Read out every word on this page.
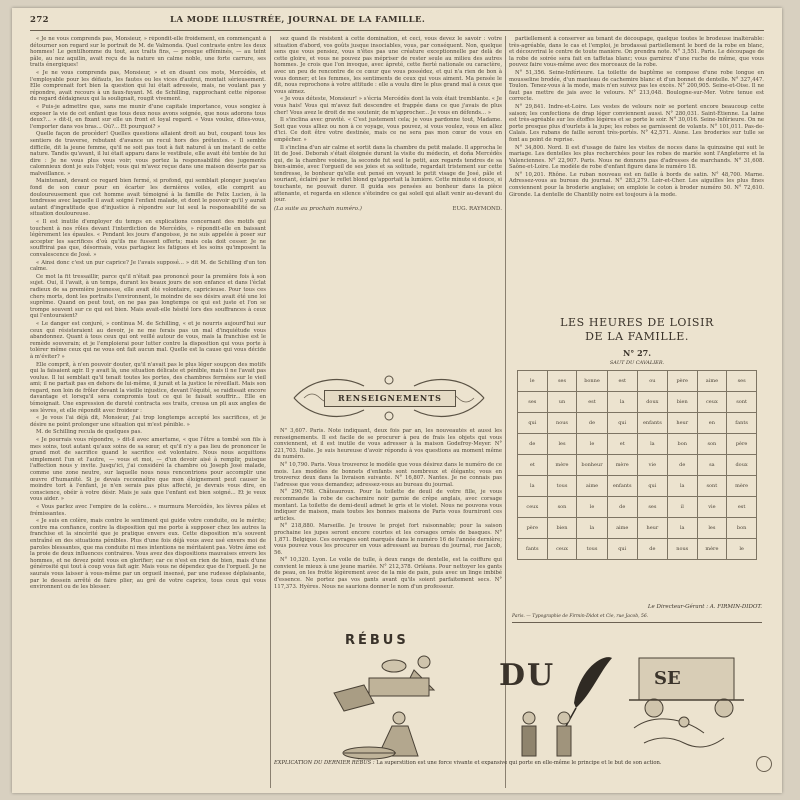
272	LA MODE ILLUSTRÉE, JOURNAL DE LA FAMILLE.

« Je ne vous comprends pas, Monsieur, » répondit-elle froidement, en commençant à détourner son regard sur le portrait de M. de Valmonda. Quel contraste entre les deux hommes! Le gentilhomme du tout, aux traits fins, — presque efféminés, — au teint pâle, au nez aquilin, avait reçu de la nature un calme noble, une forte carrure, ses traits énergiques!

« Je ne vous comprends pas, Monsieur, » et en disant ces mots, Mercédès, et l'employable pour les défauts, les fautes ou les vices d'autrui, montait sérieusement. Elle comprenait fort bien la question qui lui était adressée, mais, ne voulant pas y répondre, avait recours à un faux-fuyant. M. de Schilling, rapprochant cette réponse du regard dédaigneux qui la soulignait, rougit vivement.

« Puis-je admettre que, sans me munir d'une capitale importance, vous songiez à exposer la vie de cet enfant que tous deux nous avons soignée, que nous adorons tous deux?... » dit-il, en fixant sur elle un front et loyal regard. « Vous voulez, dites-vous, l'emporter dans vos bras... Où?... Et pourquoi? »

Quelle façon de procéder! Quelles questions allaient droit au but, coupant tous les sentiers de traverse, rebutant d'avance un recul hors des prétextes. « Il semble difficile, dit la jeune femme, qu'il ne soit pas tout à fait naturel à un instant de cette nature. Tandis qu'avant, il lui était apparu dans le vestibule, elle avait été tentée de lui dire : Je ne vous plus vous voir; vous portez la responsabilité des jugements calomnieux dont je suis l'objet; vous qui m'avez reçue dans une maison déserte par sa malveillance. »

Maintenant, devant ce regard bien fermé, si profond, qui semblait plonger jusqu'au fond de son cœur pour en écarter les dernières voiles, elle comprit au douloureusement que cet homme avait témoigné à la famille de Felix Lucien, à la tendresse avec laquelle il avait soigné l'enfant malade, et dont le pouvoir qu'il y aurait autant d'ingratitude que d'injustice à répondre sur lui seul la responsabilité de sa situation douloureuse.

« Il est inutile d'employer du temps en explications concernant des motifs qui touchent à nos rôles devant l'interdiction de Mercédès, » répondit-elle en baissant légèrement les épaules. « Pendant les jours d'angoisse, je ne suis appelée à poser sur accepter les sacrifices d'où qu'ils me fussent offerts; mais cela doit cesser. Je ne souffrirai pas que, désormais, vous partagiez les fatigues et les soins qu'imposent la convalescence de José. »

« Ainsi donc c'est un pur caprice? Je l'avais supposé... » dit M. de Schilling d'un ton calme.

Ce mot la fit tressaillir, parce qu'il n'était pas prononcé pour la première fois à son sujet. Oui, il l'avait, à un temps, durant les beaux jours de son enfance et dans l'éclat radieux de sa première jeunesse, elle avait été volontaire, capricieuse. Pour tous ces chers morts, dont les portraits l'environnent, le moindre de ses désirs avait été une loi suprême. Quand on peut tout, on ne pas pas longtemps ce qui est juste et l'on se trompe souvent sur ce qui est bien. Mais avait-elle hésité lors des souffrances à ceux qui l'entouraient?

« Le danger est conjuré, » continua M. de Schilling, « et je nourris aujourd'hui sur ceux qui résisteraient au devoir, je ne me ferais pas un mal d'inquiétude vous abandonnez. Quant à tous ceux qui ont veillé autour de vous, mais la franchise est le remède souverain; et je l'emploierai pour lutter contre la disposition qui vous porte à tolérer même ceux qui ne vous ont fait aucun mal. Quelle est la cause qui vous décide à m'éviter? »

Elle comprit, à n'en pouvoir douter, qu'il n'avait pas le plus léger soupçon des motifs qui la faisaient agir. Il y avait là, une situation délicate et pénible, mais il ne l'avait pas voulue. Il lui semblait qu'il tenait toutes les portes, des chambres fermées sur le vieil ami; il ne partait pas en dehors de lui-même, il jurait et la justice le réveillait. Mais son regard, non loin de frôler devant la vieille injustice, devant l'équité, se raidissait encore davantage et lorsqu'il sera compromis tout ce qui le faisait souffrir... Elle en témoignait. Une expression de dureté contracta ses traits, creusa un pli aux angles de ses lèvres, et elle répondit avec froideur :

« Je vous l'ai déjà dit, Monsieur, j'ai trop longtemps accepté les sacrifices, et je désire ne point prolonger une situation qui m'est pénible. »

M. de Schilling recula de quelques pas.

« Je pourrais vous répondre, » dit-il avec amertume, « que l'être a tombé son fils à mes soins, tout autant qu'aux soins de sa sœur, et qu'il n'y a pas lieu de prononcer le grand mot de sacrifice quand le sacrifice est volontaire. Nous nous acquittons simplement l'un et l'autre, — vous et moi, — d'un devoir aisé à remplir, puisque l'affection nous y invite. Jusqu'ici, j'ai considéré la chambre où Joseph José malade, comme une zone neutre, sur laquelle nous nous rencontrions pour accomplir une œuvre d'humanité. Si je devais reconnaître que mon éloignement peut causer le moindre tort à l'enfant, je n'en serais pas plus affecté, je devrais vous dire, en conscience, obéir à votre désir. Mais je sais que l'enfant est bien soigné... Et je veux vous aider. »

« Vous parlez avec l'empire de la colère... » murmura Mercédès, les lèvres pâles et frémissantes.

« Je suis en colère, mais contre le sentiment qui guide votre conduite, ou le mérite; contre ma confiance, contre la disposition qui me porte à supposer chez les autres la franchise et la sincérité que je pratique envers eux. Cette disposition m'a souvent entraîné en des situations pénibles. Plus d'une fois déjà vous avez usé envers moi de paroles blessantes, que ma conduite ni mes intentions ne méritaient pas. Votre âme est la proie de deux influences contraires. Vous avez des dispositions mauvaises envers les hommes, et ne devez point vous en glorifier; car ce n'est en rien de bien, mais d'une générosité qui tout à coup vous fait agir. Mais vous ne dépendez que de l'orgueil. Je ne saurais vous laisser à vous-même par un orgueil insensé, par une rudesse déplaisante, par le dessein arrêté de faire plier, au gré de votre caprice, tous ceux qui vous environnent ou de les blesser.

sez quand ils résistent à cette domination, et ceci, vous devez le savoir : votre situation d'abord, vos goûts jusque insociables, vous, par conséquent. Non, quelque sens que vous pensiez, vous n'êtes pas une créature exceptionnelle par delà de cette gloire, et vous ne pouvez pas mépriser de rester seule au milieu des autres hommes. Je crois que l'on invoque, avec âpreté, cette fierté nationale ou caractère, avec un peu de rencontre de ce cœur que vous possédez, et qui n'a rien de bon à vous donner; et les femmes, les sentiments de ceux qui vous aiment. Ma pensée le dit, nous reprochons à votre attitude : elle a voulu dire le plus grand mal à ceux que vous aimez.

« Je vous déteste, Monsieur! » s'écria Mercédès dont la voix était tremblante. « Je vous hais! Vous qui m'avez fait descendre et frappée dans ce que j'avais de plus cher! Vous avez le droit de me soutenir, de m'approcher... Je vous en défends... »

Il s'inclina avec gravité. « C'est justement cela; je vous pardonne tout, Madame. Soit que vous alliez ou non à ce voyage, vous pouvez, si vous voulez, vous en allez d'ici. Ce doit être votre destinée, mais ce ne sera pas mon cœur de vous en empêcher. »

Il s'inclina d'un air calme et sortit dans la chambre du petit malade. Il approcha le lit de José. Deborah s'était éloignée durant la visite du médecin, et doña Mercédès qui, de la chambre voisine, la seconde fut seul le petit, aux regards tendres de sa bien-aimée, avec l'orgueil de ses joies et sa solitude, regardait tristement sur cette tendresse, le bonheur qu'elle eut pensé en voyant le petit visage de José, pâle et souriant, éclairé par le reflet blond qu'apportait la lumière. Cette minute si douce, si touchante, ne pouvait durer. Il guida ses pensées au bonheur dans la pièce attenante, et regarda en silence s'éteindre ce gai soleil qui allait venir au-devant du jour.

(La suite au prochain numéro.)	EUG. RAYMOND.
RENSEIGNEMENTS

N° 3,607. Paris. Note indiquant, deux fois par an, les nouveautés et aussi les renseignements. Il est facile de se procurer à peu de frais les objets qui vous conviennent, et il est inutile de vous adresser à la maison Godefroy-Meyer. N° 221,703. Italie. Je suis heureuse d'avoir répondu à vos questions au moment même du numéro.

N° 10,790. Paris. Vous trouverez le modèle que vous désirez dans le numéro de ce mois. Les modèles de bonnets d'enfants sont nombreux et élégants; vous en trouverez deux dans la livraison suivante. N° 16,807. Nantes. Je ne connais pas l'adresse que vous demandez; adressez-vous au bureau du journal.

N° 290,768. Châteauroux. Pour la toilette de deuil de votre fille, je vous recommande la robe de cachemire noir garnie de crêpe anglais, avec corsage montant. La toilette de demi-deuil admet le gris et le violet. Nous ne pouvons vous indiquer de maison, mais toutes les bonnes maisons de Paris vous fourniront ces articles.

N° 218,880. Marseille. Je trouve le projet fort raisonnable; pour la saison prochaine les jupes seront encore courtes et les corsages ornés de basques. N° 1,871. Belgique. Ces ouvrages sont marqués dans le numéro 16 de l'année dernière; vous pouvez vous les procurer en vous adressant au bureau du journal, rue Jacob, 56.

N° 10,320. Lyon. Le voile de tulle, à deux rangs de dentelle, est la coiffure qui convient le mieux à une jeune mariée. N° 212,378. Orléans. Pour nettoyer les gants de peau, on les frotte légèrement avec de la mie de pain, puis avec un linge imbibé d'essence. Ne portez pas vos gants avant qu'ils soient parfaitement secs. N° 117,373. Hyères. Nous ne saurions donner le nom d'un professeur.

partiellement à conserver au tenant de découpage, quelque toutes le brodeuse inaltérable: très-agréable, dans le cas et l'emploi, je brodassai partiellement le bord de la robe en blanc, et découvrirai le centre de toute manière. On prendra note. N° 3,551. Paris. Le découpage de la robe de soirée sera fait en taffetas blanc; vous garnirez d'une ruche de même, que vous pouvez faire vous-même avec des morceaux de la robe.

N° 51,356. Seine-Inférieure. La toilette de baptême se compose d'une robe longue en mousseline brodée, d'un manteau de cachemire blanc et d'un bonnet de dentelle. N° 327,447. Toulon. Tenez-vous à la mode, mais n'en suivez pas les excès. N° 200,905. Seine-et-Oise. Il ne faut pas mettre de jais avec le velours. N° 213,048. Boulogne-sur-Mer. Votre tenue est correcte.

N° 29,841. Indre-et-Loire. Les vestes de velours noir se portent encore beaucoup cette saison; les confections de drap léger conviennent aussi. N° 280,031. Saint-Étienne. La laine est très-agréable sur les étoffes légères et se porte le soir. N° 30,016. Seine-Inférieure. On ne porte presque plus d'ourlets à la jupe; les robes se garnissent de volants. N° 101,011. Pas-de-Calais. Les rubans de faille seront très-portés. N° 42,571. Aisne. Les broderies sur tulle se font au point de reprise.

N° 34,800. Nord. Il est d'usage de faire les visites de noces dans la quinzaine qui suit le mariage. Les dentelles les plus recherchées pour les robes de mariée sont l'Angleterre et la Valenciennes. N° 22,907. Paris. Nous ne donnons pas d'adresses de marchands. N° 31,608. Saône-et-Loire. Le modèle de robe d'enfant figure dans le numéro 18.

N° 10,201. Rhône. Le ruban nouveau est en faille à bords de satin. N° 48,700. Marne. Adressez-vous au bureau du journal. N° 283,279. Loir-et-Cher. Les aiguilles les plus fines conviennent pour la broderie anglaise; on emploie le coton à broder numéro 50. N° 72,610. Gironde. La dentelle de Chantilly noire est toujours à la mode.

LES HEURES DE LOISIR
DE LA FAMILLE.
N° 27.
SAUT DU CAVALIER.
le	ses	bonne	est	ou	père	aime	ses
ses	un	est	la	doux	bien	ceux	sont
qui	nous	de	qui	enfants	heur	en	fants
de	les	le	et	la	bon	son	père
et	mère	bonheur	mère	vie	de	sa	doux
la	tous	aime	enfants	qui	la	sont	mère
ceux	son	le	de	ses	il	vie	est
père	bien	la	aime	heur	la	les	bon
fants	ceux	tous	qui	de	nous	mère	le
Le Directeur-Gérant : A. FIRMIN-DIDOT.
Paris. — Typographie de Firmin-Didot et Cie, rue Jacob, 56.
RÉBUS
DU	SE
EXPLICATION DU DERNIER RÉBUS : La superstition est une force vivante et expansive qui porte en elle-même le principe et le but de son action.
